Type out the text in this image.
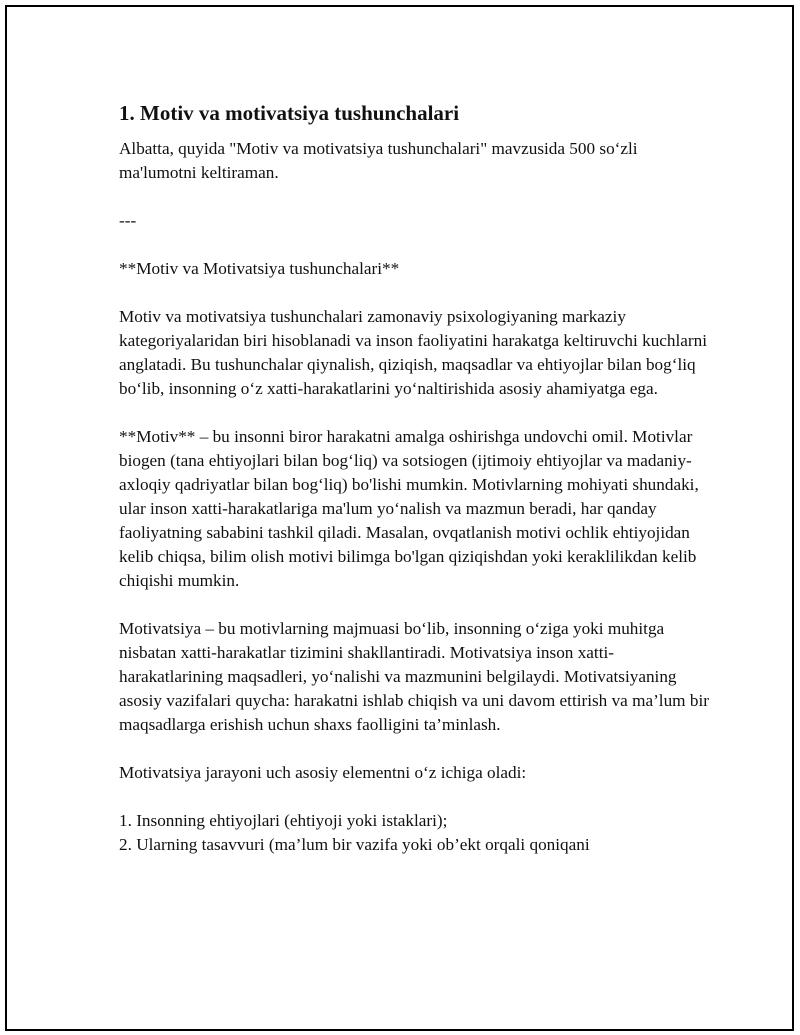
1. Motiv va motivatsiya tushunchalari

Albatta, quyida "Motiv va motivatsiya tushunchalari" mavzusida 500 so‘zli ma'lumotni keltiraman.

---

**Motiv va Motivatsiya tushunchalari**

Motiv va motivatsiya tushunchalari zamonaviy psixologiyaning markaziy kategoriyalaridan biri hisoblanadi va inson faoliyatini harakatga keltiruvchi kuchlarni anglatadi. Bu tushunchalar qiynalish, qiziqish, maqsadlar va ehtiyojlar bilan bog‘liq bo‘lib, insonning o‘z xatti-harakatlarini yo‘naltirishida asosiy ahamiyatga ega.

**Motiv** – bu insonni biror harakatni amalga oshirishga undovchi omil. Motivlar biogen (tana ehtiyojlari bilan bog‘liq) va sotsiogen (ijtimoiy ehtiyojlar va madaniy-axloqiy qadriyatlar bilan bog‘liq) bo'lishi mumkin. Motivlarning mohiyati shundaki, ular inson xatti-harakatlariga ma'lum yo‘nalish va mazmun beradi, har qanday faoliyatning sababini tashkil qiladi. Masalan, ovqatlanish motivi ochlik ehtiyojidan kelib chiqsa, bilim olish motivi bilimga bo'lgan qiziqishdan yoki keraklilikdan kelib chiqishi mumkin.

Motivatsiya – bu motivlarning majmuasi bo‘lib, insonning o‘ziga yoki muhitga nisbatan xatti-harakatlar tizimini shakllantiradi. Motivatsiya inson xatti-harakatlarining maqsadleri, yo‘nalishi va mazmunini belgilaydi. Motivatsiyaning asosiy vazifalari quycha: harakatni ishlab chiqish va uni davom ettirish va ma’lum bir maqsadlarga erishish uchun shaxs faolligini ta’minlash.

Motivatsiya jarayoni uch asosiy elementni o‘z ichiga oladi:

1. Insonning ehtiyojlari (ehtiyoji yoki istaklari);

2. Ularning tasavvuri (ma’lum bir vazifa yoki ob’ekt orqali qoniqani
